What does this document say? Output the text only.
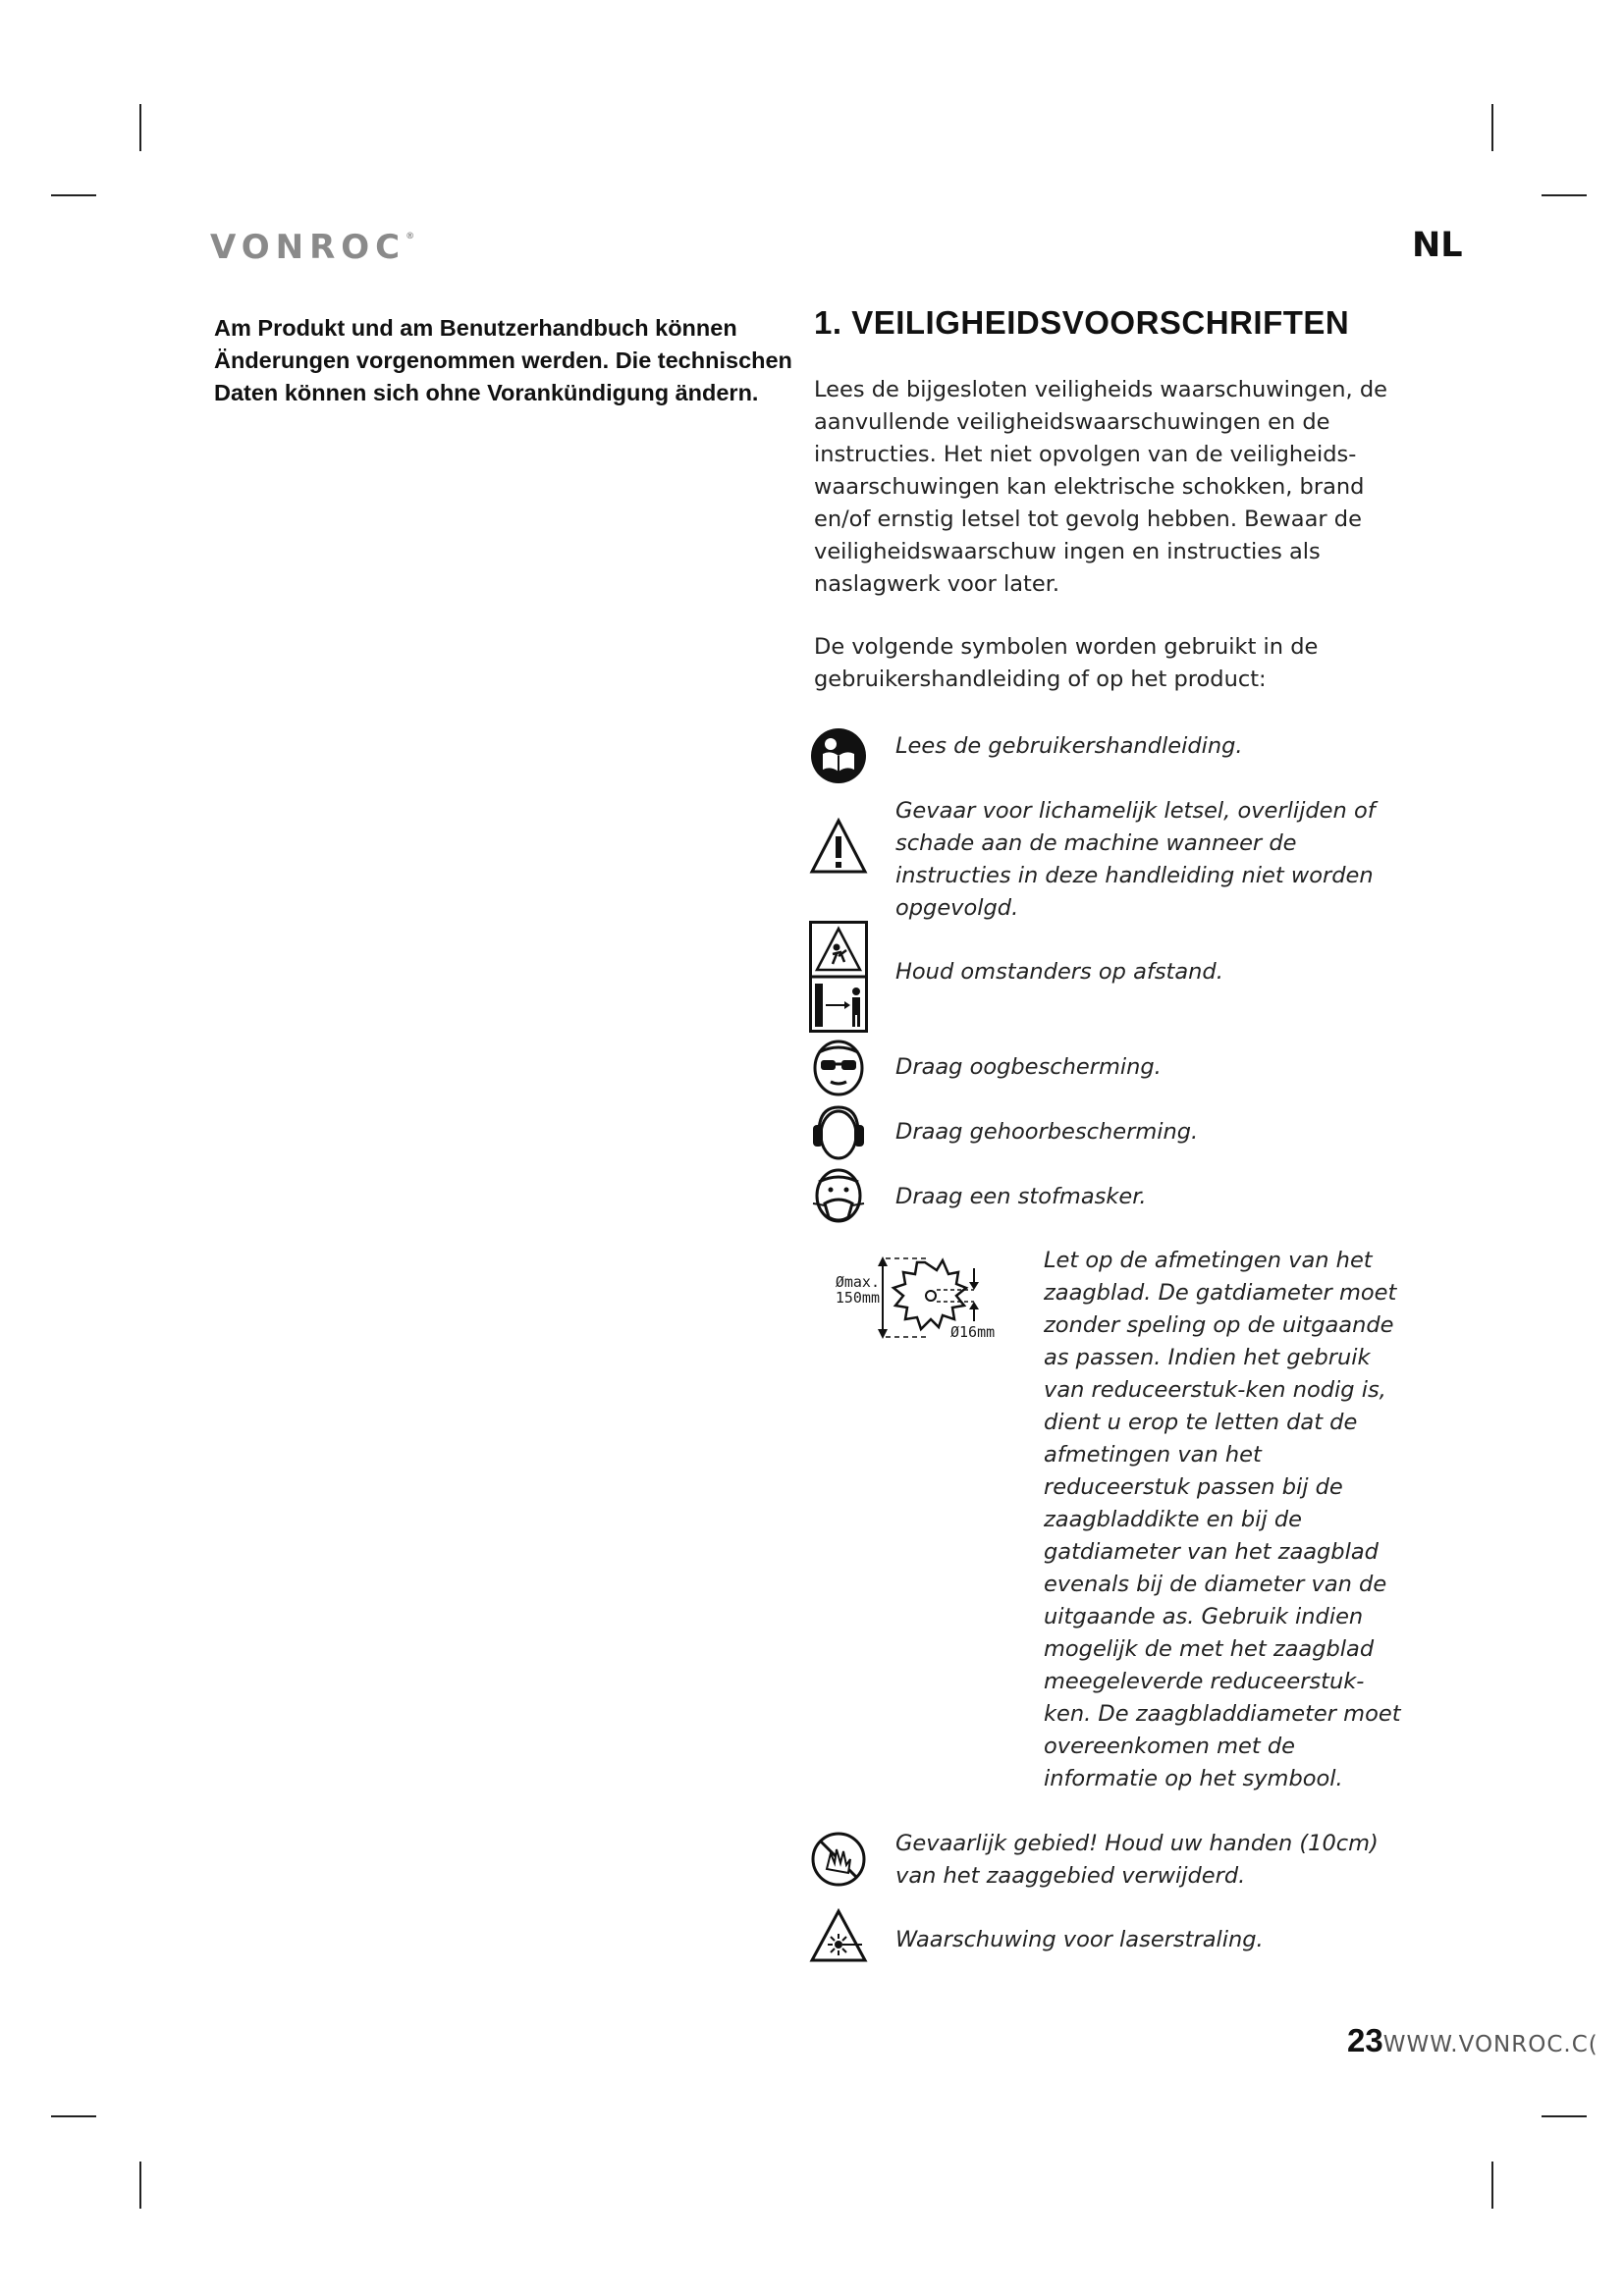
VONROC®	NL
Am Produkt und am Benutzerhandbuch können Änderungen vorgenommen werden. Die technischen Daten können sich ohne Vorankündigung ändern.
1. VEILIGHEIDSVOORSCHRIFTEN

Lees de bijgesloten veiligheids waarschuwingen, de aanvullende veiligheidswaarschuwingen en de instructies. Het niet opvolgen van de veiligheids-waarschuwingen kan elektrische schokken, brand en/of ernstig letsel tot gevolg hebben. Bewaar de veiligheidswaarschuw ingen en instructies als naslagwerk voor later.

De volgende symbolen worden gebruikt in de gebruikershandleiding of op het product:

Lees de gebruikershandleiding.
Gevaar voor lichamelijk letsel, overlijden of schade aan de machine wanneer de instructies in deze handleiding niet worden opgevolgd.
Houd omstanders op afstand.
Draag oogbescherming.
Draag gehoorbescherming.
Draag een stofmasker.
Ømax.
150mm
Ø16mm
Let op de afmetingen van het zaagblad. De gatdiameter moet zonder speling op de uitgaande as passen. Indien het gebruik van reduceerstuk-ken nodig is, dient u erop te letten dat de afmetingen van het reduceerstuk passen bij de zaagbladdikte en bij de gatdiameter van het zaagblad evenals bij de diameter van de uitgaande as. Gebruik indien mogelijk de met het zaagblad meegeleverde reduceerstuk-ken. De zaagbladdiameter moet overeenkomen met de informatie op het symbool.
Gevaarlijk gebied! Houd uw handen (10cm) van het zaaggebied verwijderd.
Waarschuwing voor laserstraling.
23WWW.VONROC.C(
